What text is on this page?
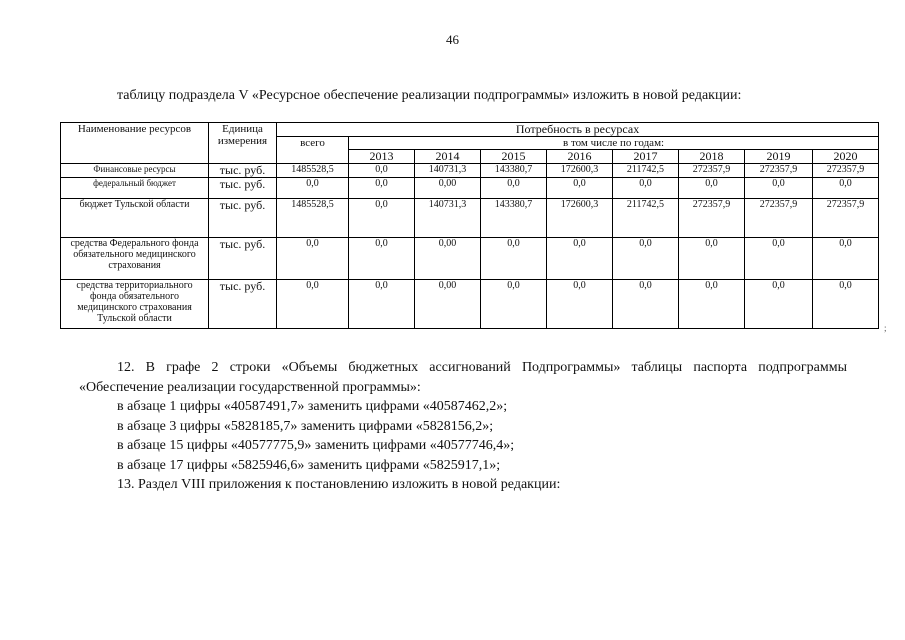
46
таблицу подраздела V «Ресурсное обеспечение реализации подпрограммы» изложить в новой редакции:
Наименование ресурсов	Единица измерения	Потребность в ресурсах								
		всего	в том числе по годам:							
			2013	2014	2015	2016	2017	2018	2019	2020
Финансовые ресурсы	тыс. руб.	1485528,5	0,0	140731,3	143380,7	172600,3	211742,5	272357,9	272357,9	272357,9
федеральный бюджет	тыс. руб.	0,0	0,0	0,00	0,0	0,0	0,0	0,0	0,0	0,0
бюджет Тульской области	тыс. руб.	1485528,5	0,0	140731,3	143380,7	172600,3	211742,5	272357,9	272357,9	272357,9
средства Федерального фонда обязательного медицинского страхования	тыс. руб.	0,0	0,0	0,00	0,0	0,0	0,0	0,0	0,0	0,0
средства территориального фонда обязательного медицинского страхования Тульской области	тыс. руб.	0,0	0,0	0,00	0,0	0,0	0,0	0,0	0,0	0,0
;

12. В графе 2 строки «Объемы бюджетных ассигнований Подпрограммы» таблицы паспорта подпрограммы «Обеспечение реализации государственной программы»:

в абзаце 1 цифры «40587491,7» заменить цифрами «40587462,2»;

в абзаце 3 цифры «5828185,7» заменить цифрами «5828156,2»;

в абзаце 15 цифры «40577775,9» заменить цифрами «40577746,4»;

в абзаце 17 цифры «5825946,6» заменить цифрами «5825917,1»;

13. Раздел VIII приложения к постановлению изложить в новой редакции:
